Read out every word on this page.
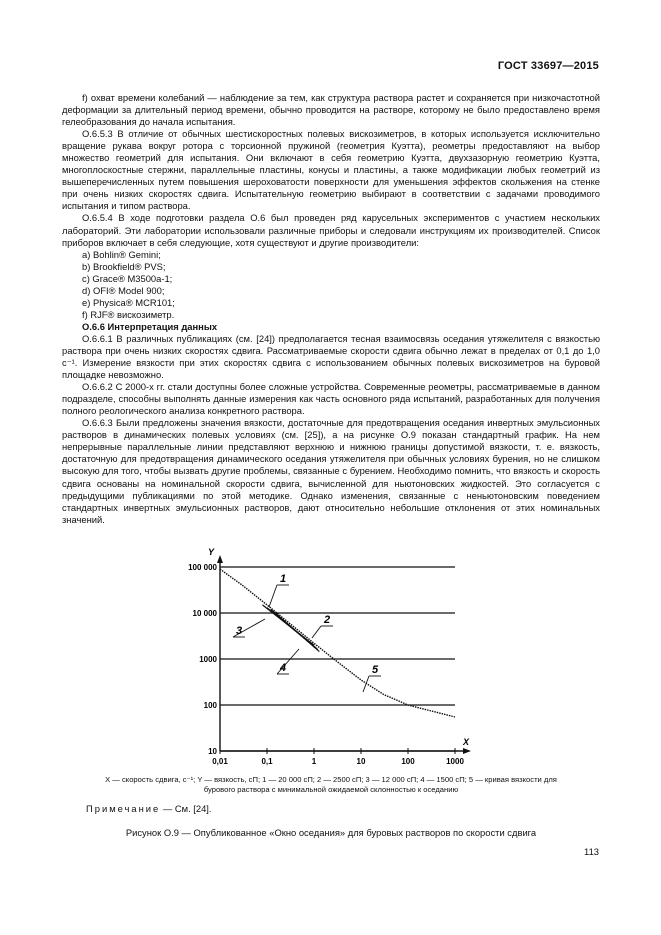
ГОСТ 33697—2015

f) охват времени колебаний — наблюдение за тем, как структура раствора растет и сохраняется при низкочастотной деформации за длительный период времени, обычно проводится на растворе, которому не было предоставлено время гелеобразования до начала испытания.

О.6.5.3 В отличие от обычных шестискоростных полевых вискозиметров, в которых используется исключительно вращение рукава вокруг ротора с торсионной пружиной (геометрия Куэтта), реометры предоставляют на выбор множество геометрий для испытания. Они включают в себя геометрию Куэтта, двухзазорную геометрию Куэтта, многоплоскостные стержни, параллельные пластины, конусы и пластины, а также модификации любых геометрий из вышеперечисленных путем повышения шероховатости поверхности для уменьшения эффектов скольжения на стенке при очень низких скоростях сдвига. Испытательную геометрию выбирают в соответствии с задачами проводимого испытания и типом раствора.

О.6.5.4 В ходе подготовки раздела О.6 был проведен ряд карусельных экспериментов с участием нескольких лабораторий. Эти лаборатории использовали различные приборы и следовали инструкциям их производителей. Список приборов включает в себя следующие, хотя существуют и другие производители:

а) Bohlin® Gemini;

b) Brookfield® PVS;

c) Grace® M3500a-1;

d) OFI® Model 900;

e) Physica® MCR101;

f) RJF® вискозиметр.

О.6.6 Интерпретация данных

О.6.6.1 В различных публикациях (см. [24]) предполагается тесная взаимосвязь оседания утяжелителя с вязкостью раствора при очень низких скоростях сдвига. Рассматриваемые скорости сдвига обычно лежат в пределах от 0,1 до 1,0 с⁻¹. Измерение вязкости при этих скоростях сдвига с использованием обычных полевых вискозиметров на буровой площадке невозможно.

О.6.6.2 С 2000-х гг. стали доступны более сложные устройства. Современные реометры, рассматриваемые в данном подразделе, способны выполнять данные измерения как часть основного ряда испытаний, разработанных для получения полного реологического анализа конкретного раствора.

О.6.6.3 Были предложены значения вязкости, достаточные для предотвращения оседания инвертных эмульсионных растворов в динамических полевых условиях (см. [25]), а на рисунке О.9 показан стандартный график. На нем непрерывные параллельные линии представляют верхнюю и нижнюю границы допустимой вязкости, т. е. вязкость, достаточную для предотвращения динамического оседания утяжелителя при обычных условиях бурения, но не слишком высокую для того, чтобы вызвать другие проблемы, связанные с бурением. Необходимо помнить, что вязкость и скорость сдвига основаны на номинальной скорости сдвига, вычисленной для ньютоновских жидкостей. Это согласуется с предыдущими публикациями по этой методике. Однако изменения, связанные с неньютоновским поведением стандартных инвертных эмульсионных растворов, дают относительно небольшие отклонения от этих номинальных значений.

10
100
1000
10 000
100 000
Y
X
0,01	0,1	1	10	100	1000
1
2
3
4	5
X — скорость сдвига, с⁻¹; Y — вязкость, сП; 1 — 20 000 сП; 2 — 2500 сП; 3 — 12 000 сП; 4 — 1500 сП; 5 — кривая вязкости для
бурового раствора с минимальной ожидаемой склонностью к оседанию
Примечание — См. [24].
Рисунок О.9 — Опубликованное «Окно оседания» для буровых растворов по скорости сдвига
113
